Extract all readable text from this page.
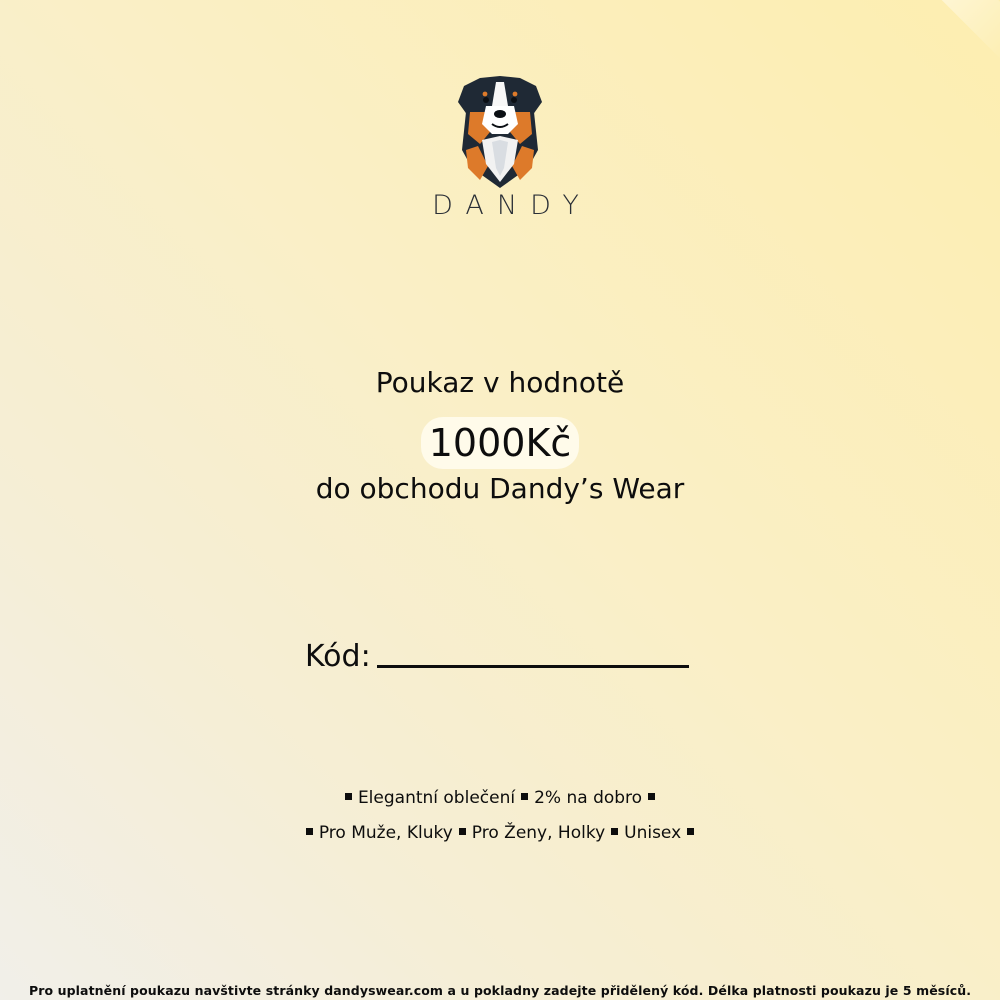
DANDY
Poukaz v hodnotě
1000Kč
do obchodu Dandy’s Wear
Kód:
Elegantní oblečení 2% na dobro
Pro Muže, Kluky Pro Ženy, Holky Unisex
Pro uplatnění poukazu navštivte stránky dandyswear.com a u pokladny zadejte přidělený kód. Délka platnosti poukazu je 5 měsíců.
